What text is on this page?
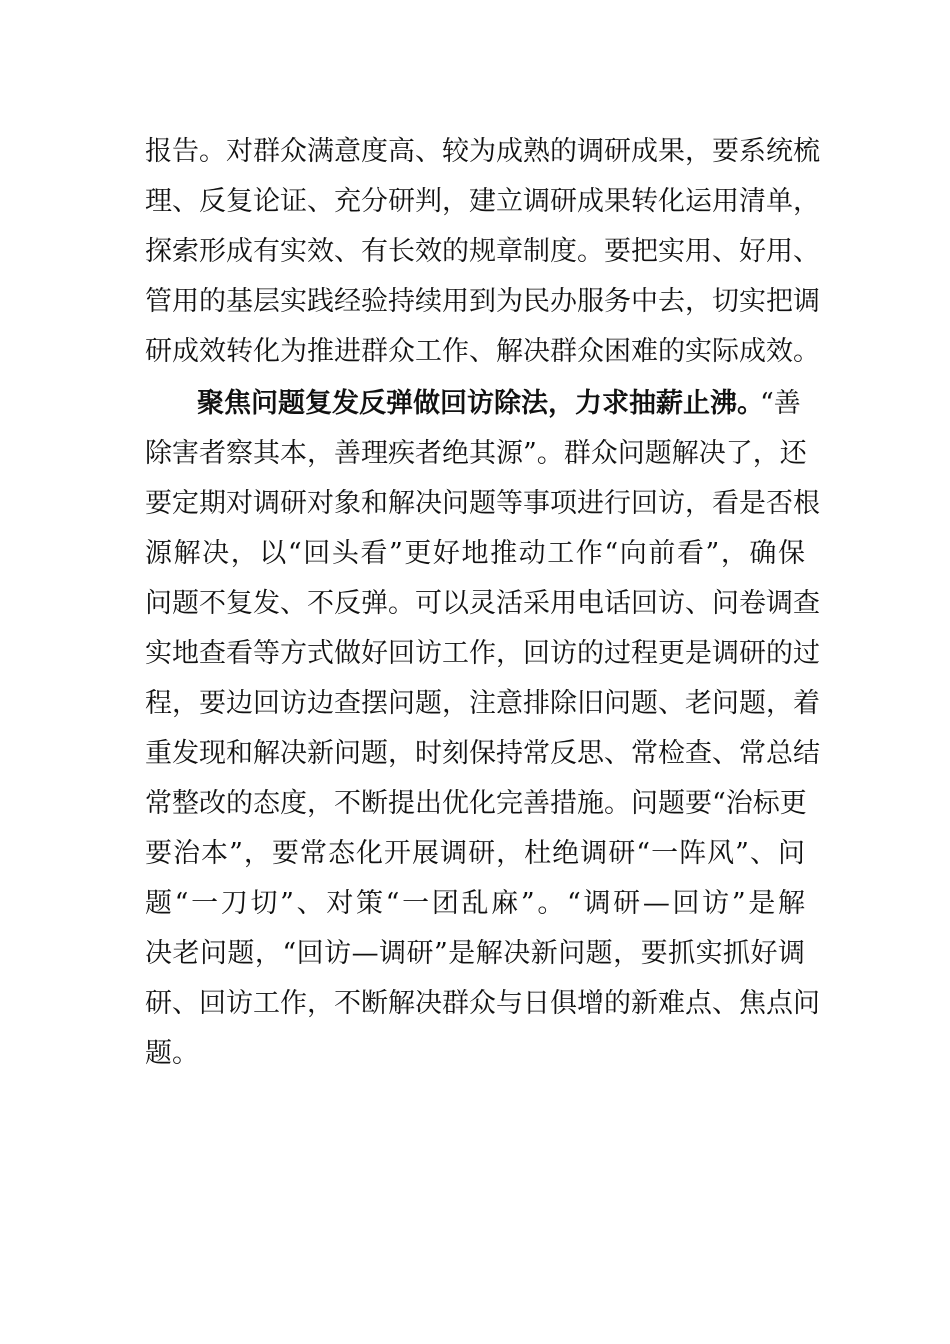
报告。对群众满意度高、较为成熟的调研成果，要系统梳
理、反复论证、充分研判，建立调研成果转化运用清单，
探索形成有实效、有长效的规章制度。要把实用、好用、
管用的基层实践经验持续用到为民办服务中去，切实把调
研成效转化为推进群众工作、解决群众困难的实际成效。
聚焦问题复发反弹做回访除法，力求抽薪止沸。
“善
除害者察其本，善理疾者绝其源”。群众问题解决了，还
要定期对调研对象和解决问题等事项进行回访，看是否根
源解决，以“回头看”更好地推动工作“向前看”，确保
问题不复发、不反弹。可以灵活采用电话回访、问卷调查
实地查看等方式做好回访工作，回访的过程更是调研的过
程，要边回访边查摆问题，注意排除旧问题、老问题，着
重发现和解决新问题，时刻保持常反思、常检查、常总结
常整改的态度，不断提出优化完善措施。问题要“治标更
要治本”，要常态化开展调研，杜绝调研“一阵风”、问
题“一刀切”、对策“一团乱麻”。“调研—回访”是解
决老问题，“回访—调研”是解决新问题，要抓实抓好调
研、回访工作，不断解决群众与日俱增的新难点、焦点问
题。
